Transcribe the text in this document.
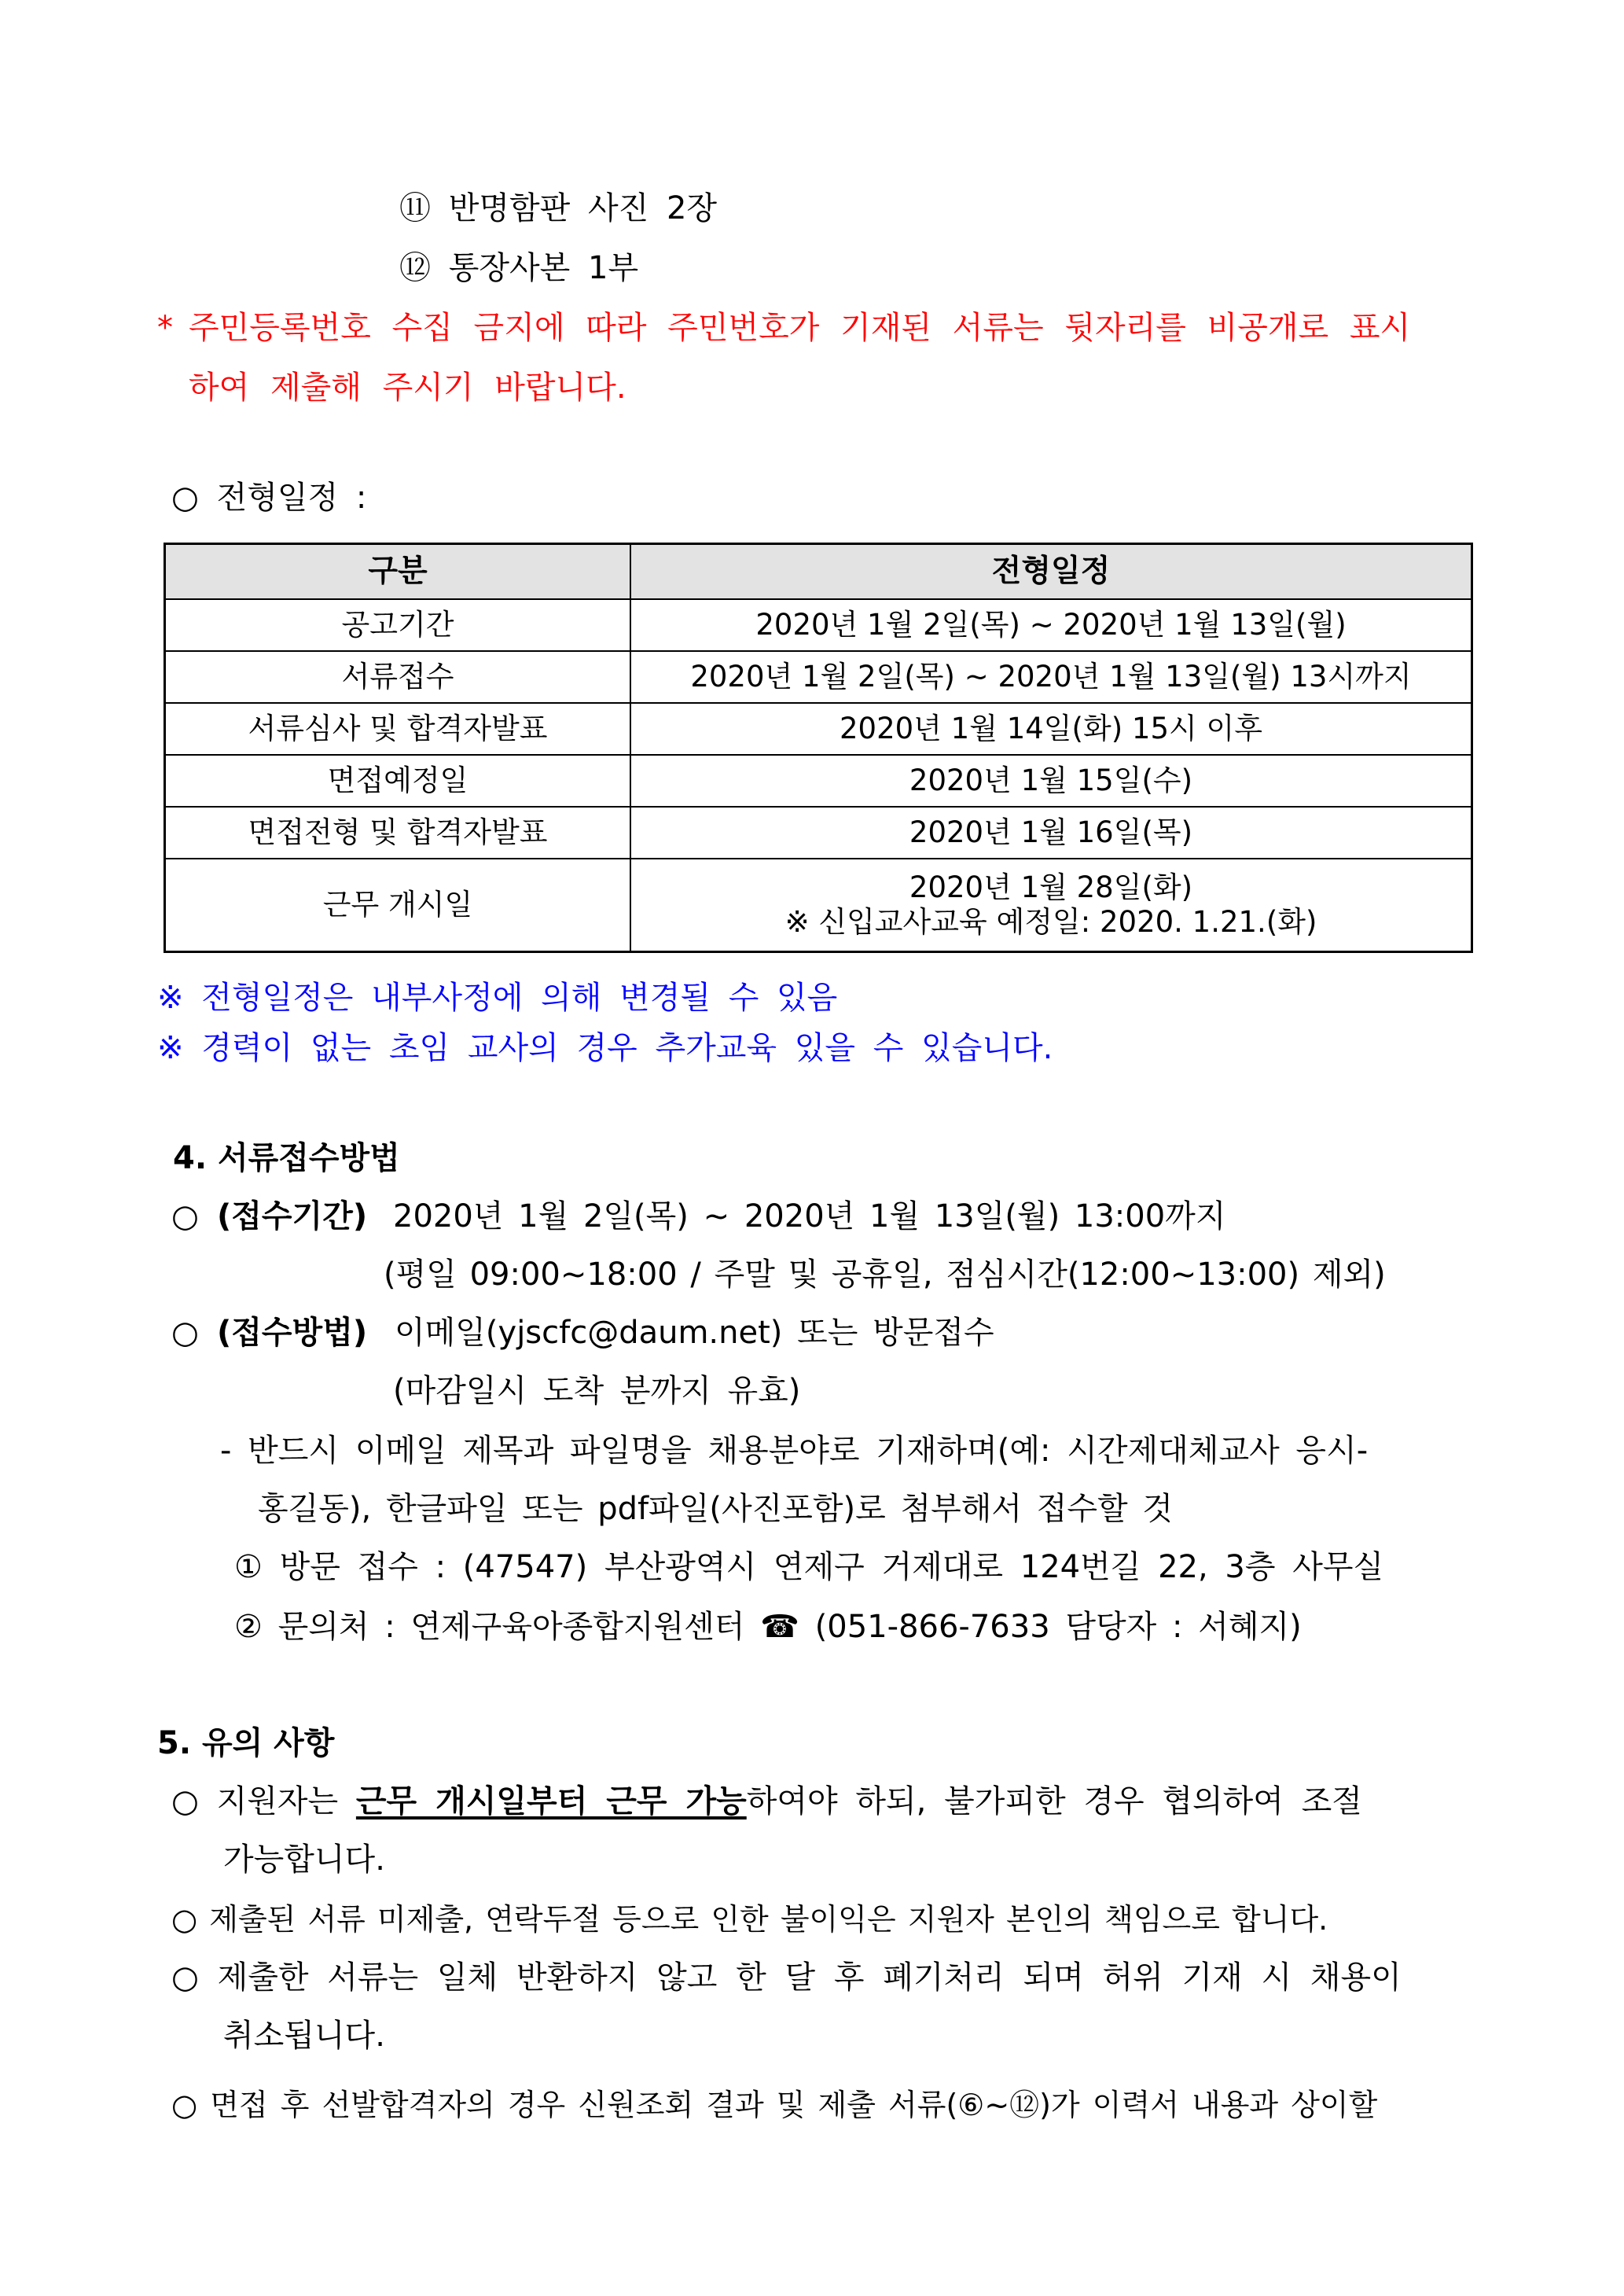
⑪ 반명함판 사진 2장
⑫ 통장사본 1부
* 주민등록번호 수집 금지에 따라 주민번호가 기재된 서류는 뒷자리를 비공개로 표시
하여 제출해 주시기 바랍니다.
○ 전형일정 :
구분	전형일정
공고기간	2020년 1월 2일(목) ~ 2020년 1월 13일(월)
서류접수	2020년 1월 2일(목) ~ 2020년 1월 13일(월) 13시까지
서류심사 및 합격자발표	2020년 1월 14일(화) 15시 이후
면접예정일	2020년 1월 15일(수)
면접전형 및 합격자발표	2020년 1월 16일(목)
근무 개시일	2020년 1월 28일(화)
※ 신입교사교육 예정일: 2020. 1.21.(화)
※ 전형일정은 내부사정에 의해 변경될 수 있음
※ 경력이 없는 초임 교사의 경우 추가교육 있을 수 있습니다.
4. 서류접수방법
○ (접수기간) 2020년 1월 2일(목) ~ 2020년 1월 13일(월) 13:00까지
(평일 09:00~18:00 / 주말 및 공휴일, 점심시간(12:00~13:00) 제외)
○ (접수방법) 이메일(yjscfc@daum.net) 또는 방문접수
(마감일시 도착 분까지 유효)
- 반드시 이메일 제목과 파일명을 채용분야로 기재하며(예: 시간제대체교사 응시-
홍길동), 한글파일 또는 pdf파일(사진포함)로 첨부해서 접수할 것
① 방문 접수 : (47547) 부산광역시 연제구 거제대로 124번길 22, 3층 사무실
② 문의처 : 연제구육아종합지원센터 ☎ (051-866-7633 담당자 : 서혜지)
5. 유의 사항
○ 지원자는 근무 개시일부터 근무 가능하여야 하되, 불가피한 경우 협의하여 조절
가능합니다.
○ 제출된 서류 미제출, 연락두절 등으로 인한 불이익은 지원자 본인의 책임으로 합니다.
○ 제출한 서류는 일체 반환하지 않고 한 달 후 폐기처리 되며 허위 기재 시 채용이
취소됩니다.
○ 면접 후 선발합격자의 경우 신원조회 결과 및 제출 서류(⑥~⑫)가 이력서 내용과 상이할
